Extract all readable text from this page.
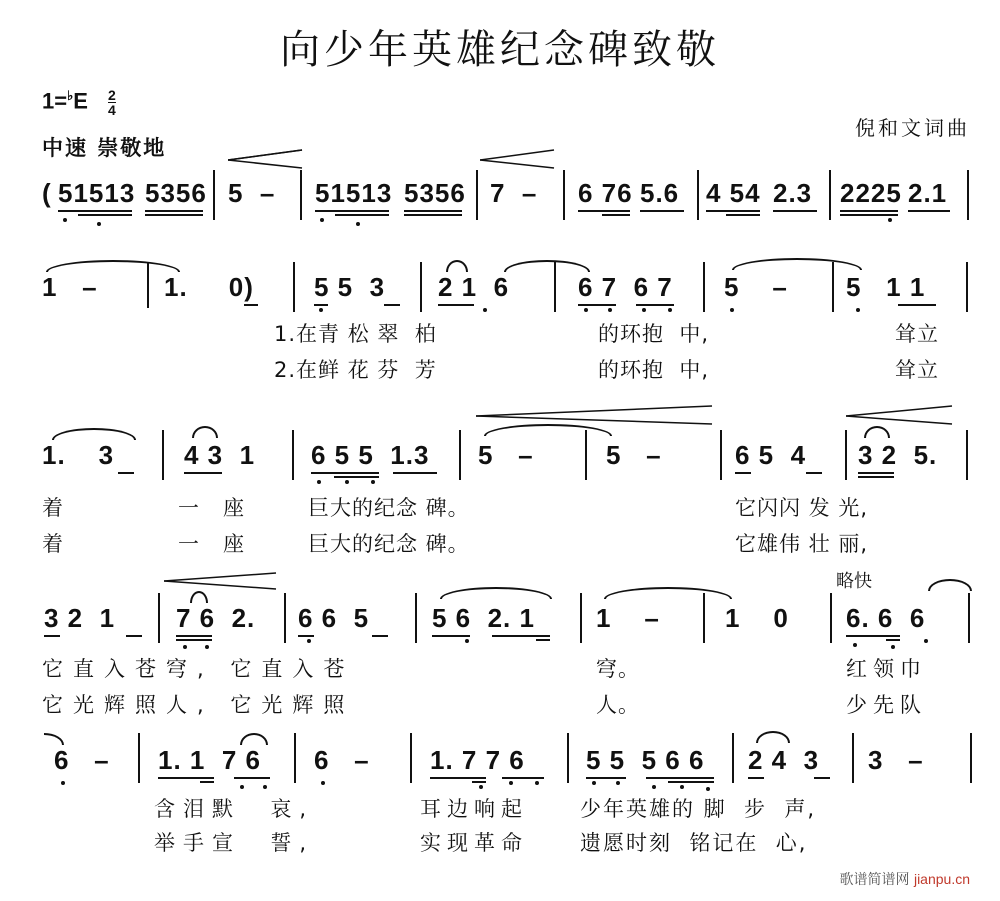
向少年英雄纪念碑致敬
$1=^♭E \frac{2}{4}$
中速 崇敬地
倪和文词曲
( 51513 5356 5  – 51513 5356 7  – 6 76 5.6 4 54 2.3 2225 2.1
1   –	1.     0) 5 5  3 2 1  6	6 7  6 7 5    – 5   1 1
1.在青 松 翠  柏	的环抱  中,	耸立
2.在鲜 花 芬  芳	的环抱  中,	耸立
1.    3	4 3  1 6 5 5  1.3 5   –	5   –	6 5  4 3 2  5.
着	一   座	巨大的纪念 碑。	它闪闪 发 光,
着	一   座	巨大的纪念 碑。	它雄伟 壮 丽,
略快
3 2  1 7 6  2. 6 6  5 5 6  2. 1 1    –	1    0 6. 6  6
它直入苍穹, 它直入苍	穹。	红领巾
它光辉照人, 它光辉照	人。	少先队
6   – 1. 1  7 6 6   – 1. 7 7 6 5 5  5 6 6 2 4  3 3   –
含泪默  哀,	耳边响起 少年英雄的 脚  步  声,
举手宣  誓,	实现革命 遗愿时刻  铭记在  心,
歌谱简谱网 jianpu.cn
